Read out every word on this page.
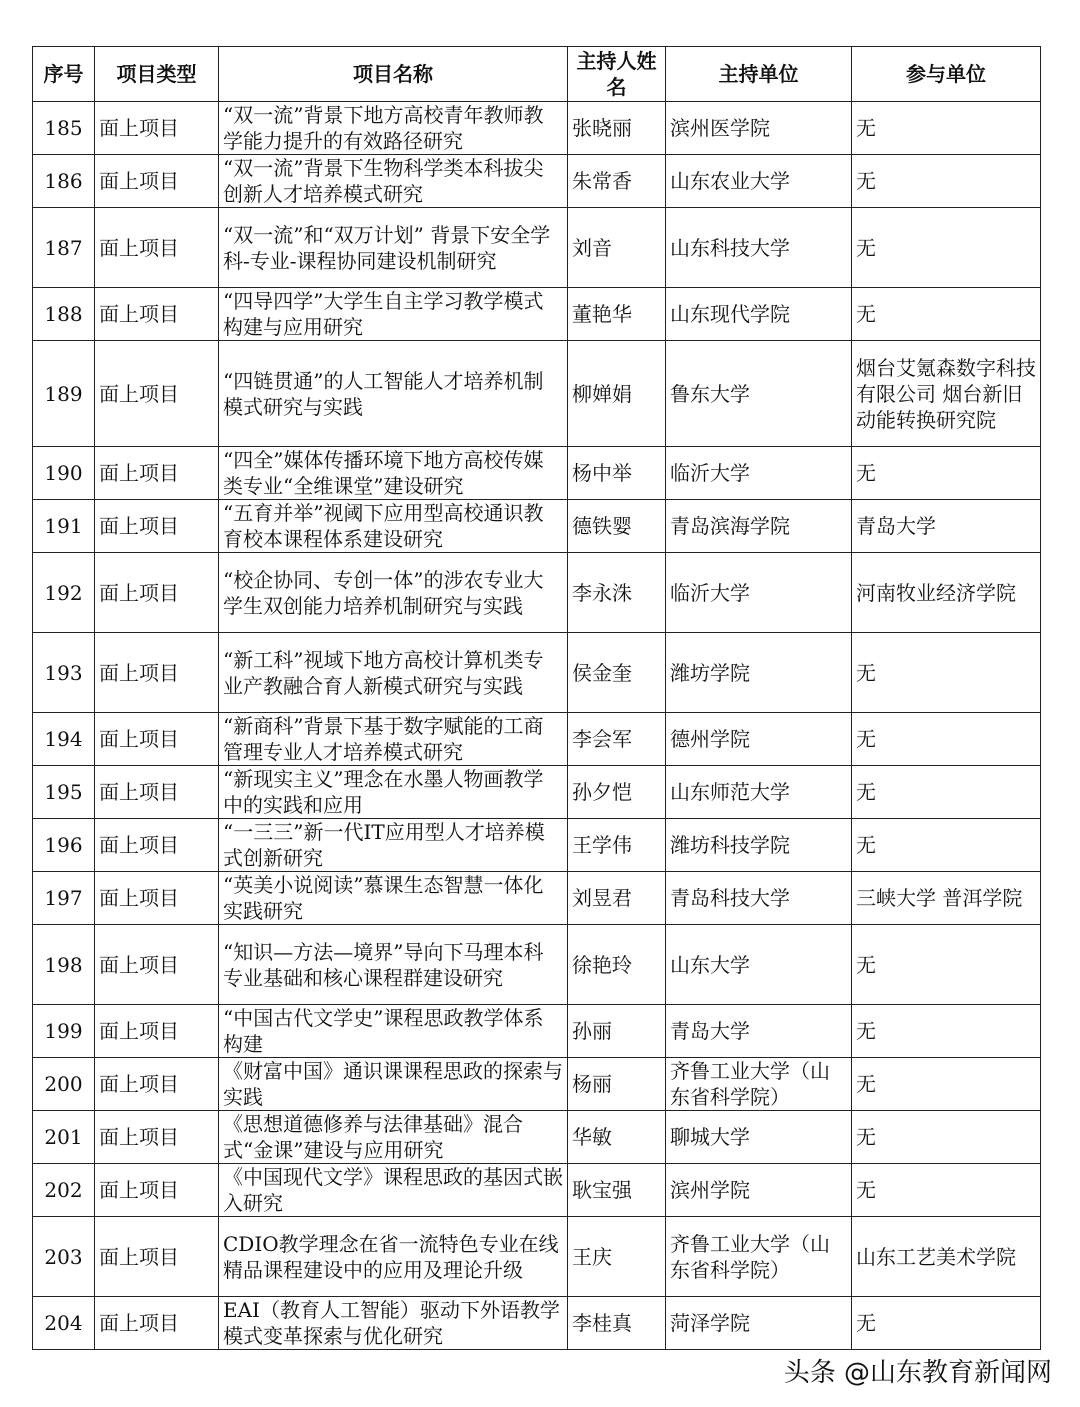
序号	项目类型	项目名称	主持人姓名	主持单位	参与单位
185	面上项目	“双一流”背景下地方高校青年教师教学能力提升的有效路径研究	张晓丽	滨州医学院	无
186	面上项目	“双一流”背景下生物科学类本科拔尖创新人才培养模式研究	朱常香	山东农业大学	无
187	面上项目	“双一流”和“双万计划” 背景下安全学科-专业-课程协同建设机制研究	刘音	山东科技大学	无
188	面上项目	“四导四学”大学生自主学习教学模式构建与应用研究	董艳华	山东现代学院	无
189	面上项目	“四链贯通”的人工智能人才培养机制模式研究与实践	柳婵娟	鲁东大学	烟台艾氪森数字科技有限公司 烟台新旧动能转换研究院
190	面上项目	“四全”媒体传播环境下地方高校传媒类专业“全维课堂”建设研究	杨中举	临沂大学	无
191	面上项目	“五育并举”视阈下应用型高校通识教育校本课程体系建设研究	德铁婴	青岛滨海学院	青岛大学
192	面上项目	“校企协同、专创一体”的涉农专业大学生双创能力培养机制研究与实践	李永洙	临沂大学	河南牧业经济学院
193	面上项目	“新工科”视域下地方高校计算机类专业产教融合育人新模式研究与实践	侯金奎	潍坊学院	无
194	面上项目	“新商科”背景下基于数字赋能的工商管理专业人才培养模式研究	李会军	德州学院	无
195	面上项目	“新现实主义”理念在水墨人物画教学中的实践和应用	孙夕恺	山东师范大学	无
196	面上项目	“一三三”新一代IT应用型人才培养模式创新研究	王学伟	潍坊科技学院	无
197	面上项目	“英美小说阅读”慕课生态智慧一体化实践研究	刘昱君	青岛科技大学	三峡大学 普洱学院
198	面上项目	“知识—方法—境界”导向下马理本科专业基础和核心课程群建设研究	徐艳玲	山东大学	无
199	面上项目	“中国古代文学史”课程思政教学体系构建	孙丽	青岛大学	无
200	面上项目	《财富中国》通识课课程思政的探索与实践	杨丽	齐鲁工业大学（山东省科学院）	无
201	面上项目	《思想道德修养与法律基础》混合式“金课”建设与应用研究	华敏	聊城大学	无
202	面上项目	《中国现代文学》课程思政的基因式嵌入研究	耿宝强	滨州学院	无
203	面上项目	CDIO教学理念在省一流特色专业在线精品课程建设中的应用及理论升级	王庆	齐鲁工业大学（山东省科学院）	山东工艺美术学院
204	面上项目	EAI（教育人工智能）驱动下外语教学模式变革探索与优化研究	李桂真	菏泽学院	无
头条 @山东教育新闻网
